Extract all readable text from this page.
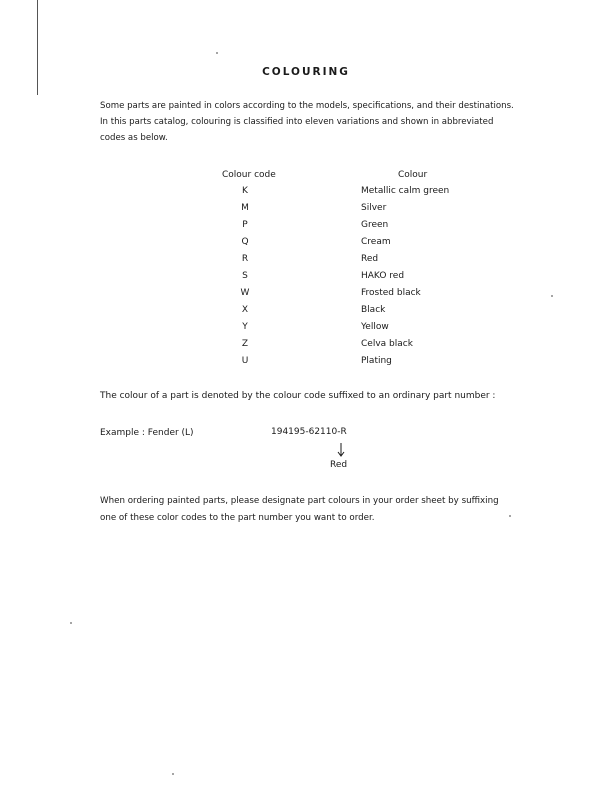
COLOURING

Some parts are painted in colors according to the models, specifications, and their destinations.
In this parts catalog, colouring is classified into eleven variations and shown in abbreviated
codes as below.

Colour code	Colour
K	Metallic calm green
M	Silver
P	Green
Q	Cream
R	Red
S	HAKO red
W	Frosted black
X	Black
Y	Yellow
Z	Celva black
U	Plating
The colour of a part is denoted by the colour code suffixed to an ordinary part number :
Example : Fender (L)	194195-62110-R
Red
When ordering painted parts, please designate part colours in your order sheet by suffixing
one of these color codes to the part number you want to order.
